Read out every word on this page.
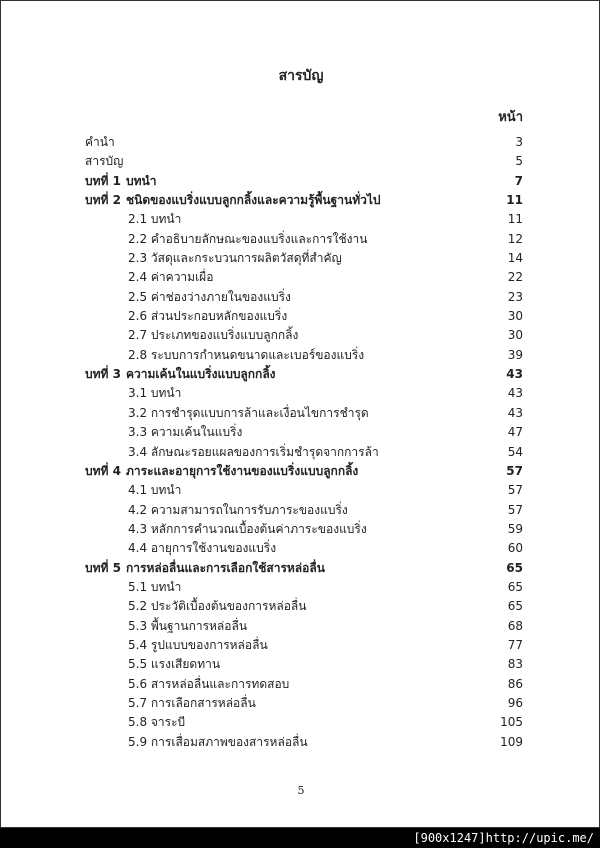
สารบัญ
หน้า
คำนำ	3
สารบัญ	5
บทที่ 1 บทนำ	7
บทที่ 2 ชนิดของแบริ่งแบบลูกกลิ้งและความรู้พื้นฐานทั่วไป	11
2.1 บทนำ	11
2.2 คำอธิบายลักษณะของแบริ่งและการใช้งาน	12
2.3 วัสดุและกระบวนการผลิตวัสดุที่สำคัญ	14
2.4 ค่าความเผื่อ	22
2.5 ค่าช่องว่างภายในของแบริ่ง	23
2.6 ส่วนประกอบหลักของแบริ่ง	30
2.7 ประเภทของแบริ่งแบบลูกกลิ้ง	30
2.8 ระบบการกำหนดขนาดและเบอร์ของแบริ่ง	39
บทที่ 3 ความเค้นในแบริ่งแบบลูกกลิ้ง	43
3.1 บทนำ	43
3.2 การชำรุดแบบการล้าและเงื่อนไขการชำรุด	43
3.3 ความเค้นในแบริ่ง	47
3.4 ลักษณะรอยแผลของการเริ่มชำรุดจากการล้า	54
บทที่ 4 ภาระและอายุการใช้งานของแบริ่งแบบลูกกลิ้ง	57
4.1 บทนำ	57
4.2 ความสามารถในการรับภาระของแบริ่ง	57
4.3 หลักการคำนวณเบื้องต้นค่าภาระของแบริ่ง	59
4.4 อายุการใช้งานของแบริ่ง	60
บทที่ 5 การหล่อลื่นและการเลือกใช้สารหล่อลื่น	65
5.1 บทนำ	65
5.2 ประวัติเบื้องต้นของการหล่อลื่น	65
5.3 พื้นฐานการหล่อลื่น	68
5.4 รูปแบบของการหล่อลื่น	77
5.5 แรงเสียดทาน	83
5.6 สารหล่อลื่นและการทดสอบ	86
5.7 การเลือกสารหล่อลื่น	96
5.8 จาระบี	105
5.9 การเสื่อมสภาพของสารหล่อลื่น	109
5
[900x1247]http://upic.me/
